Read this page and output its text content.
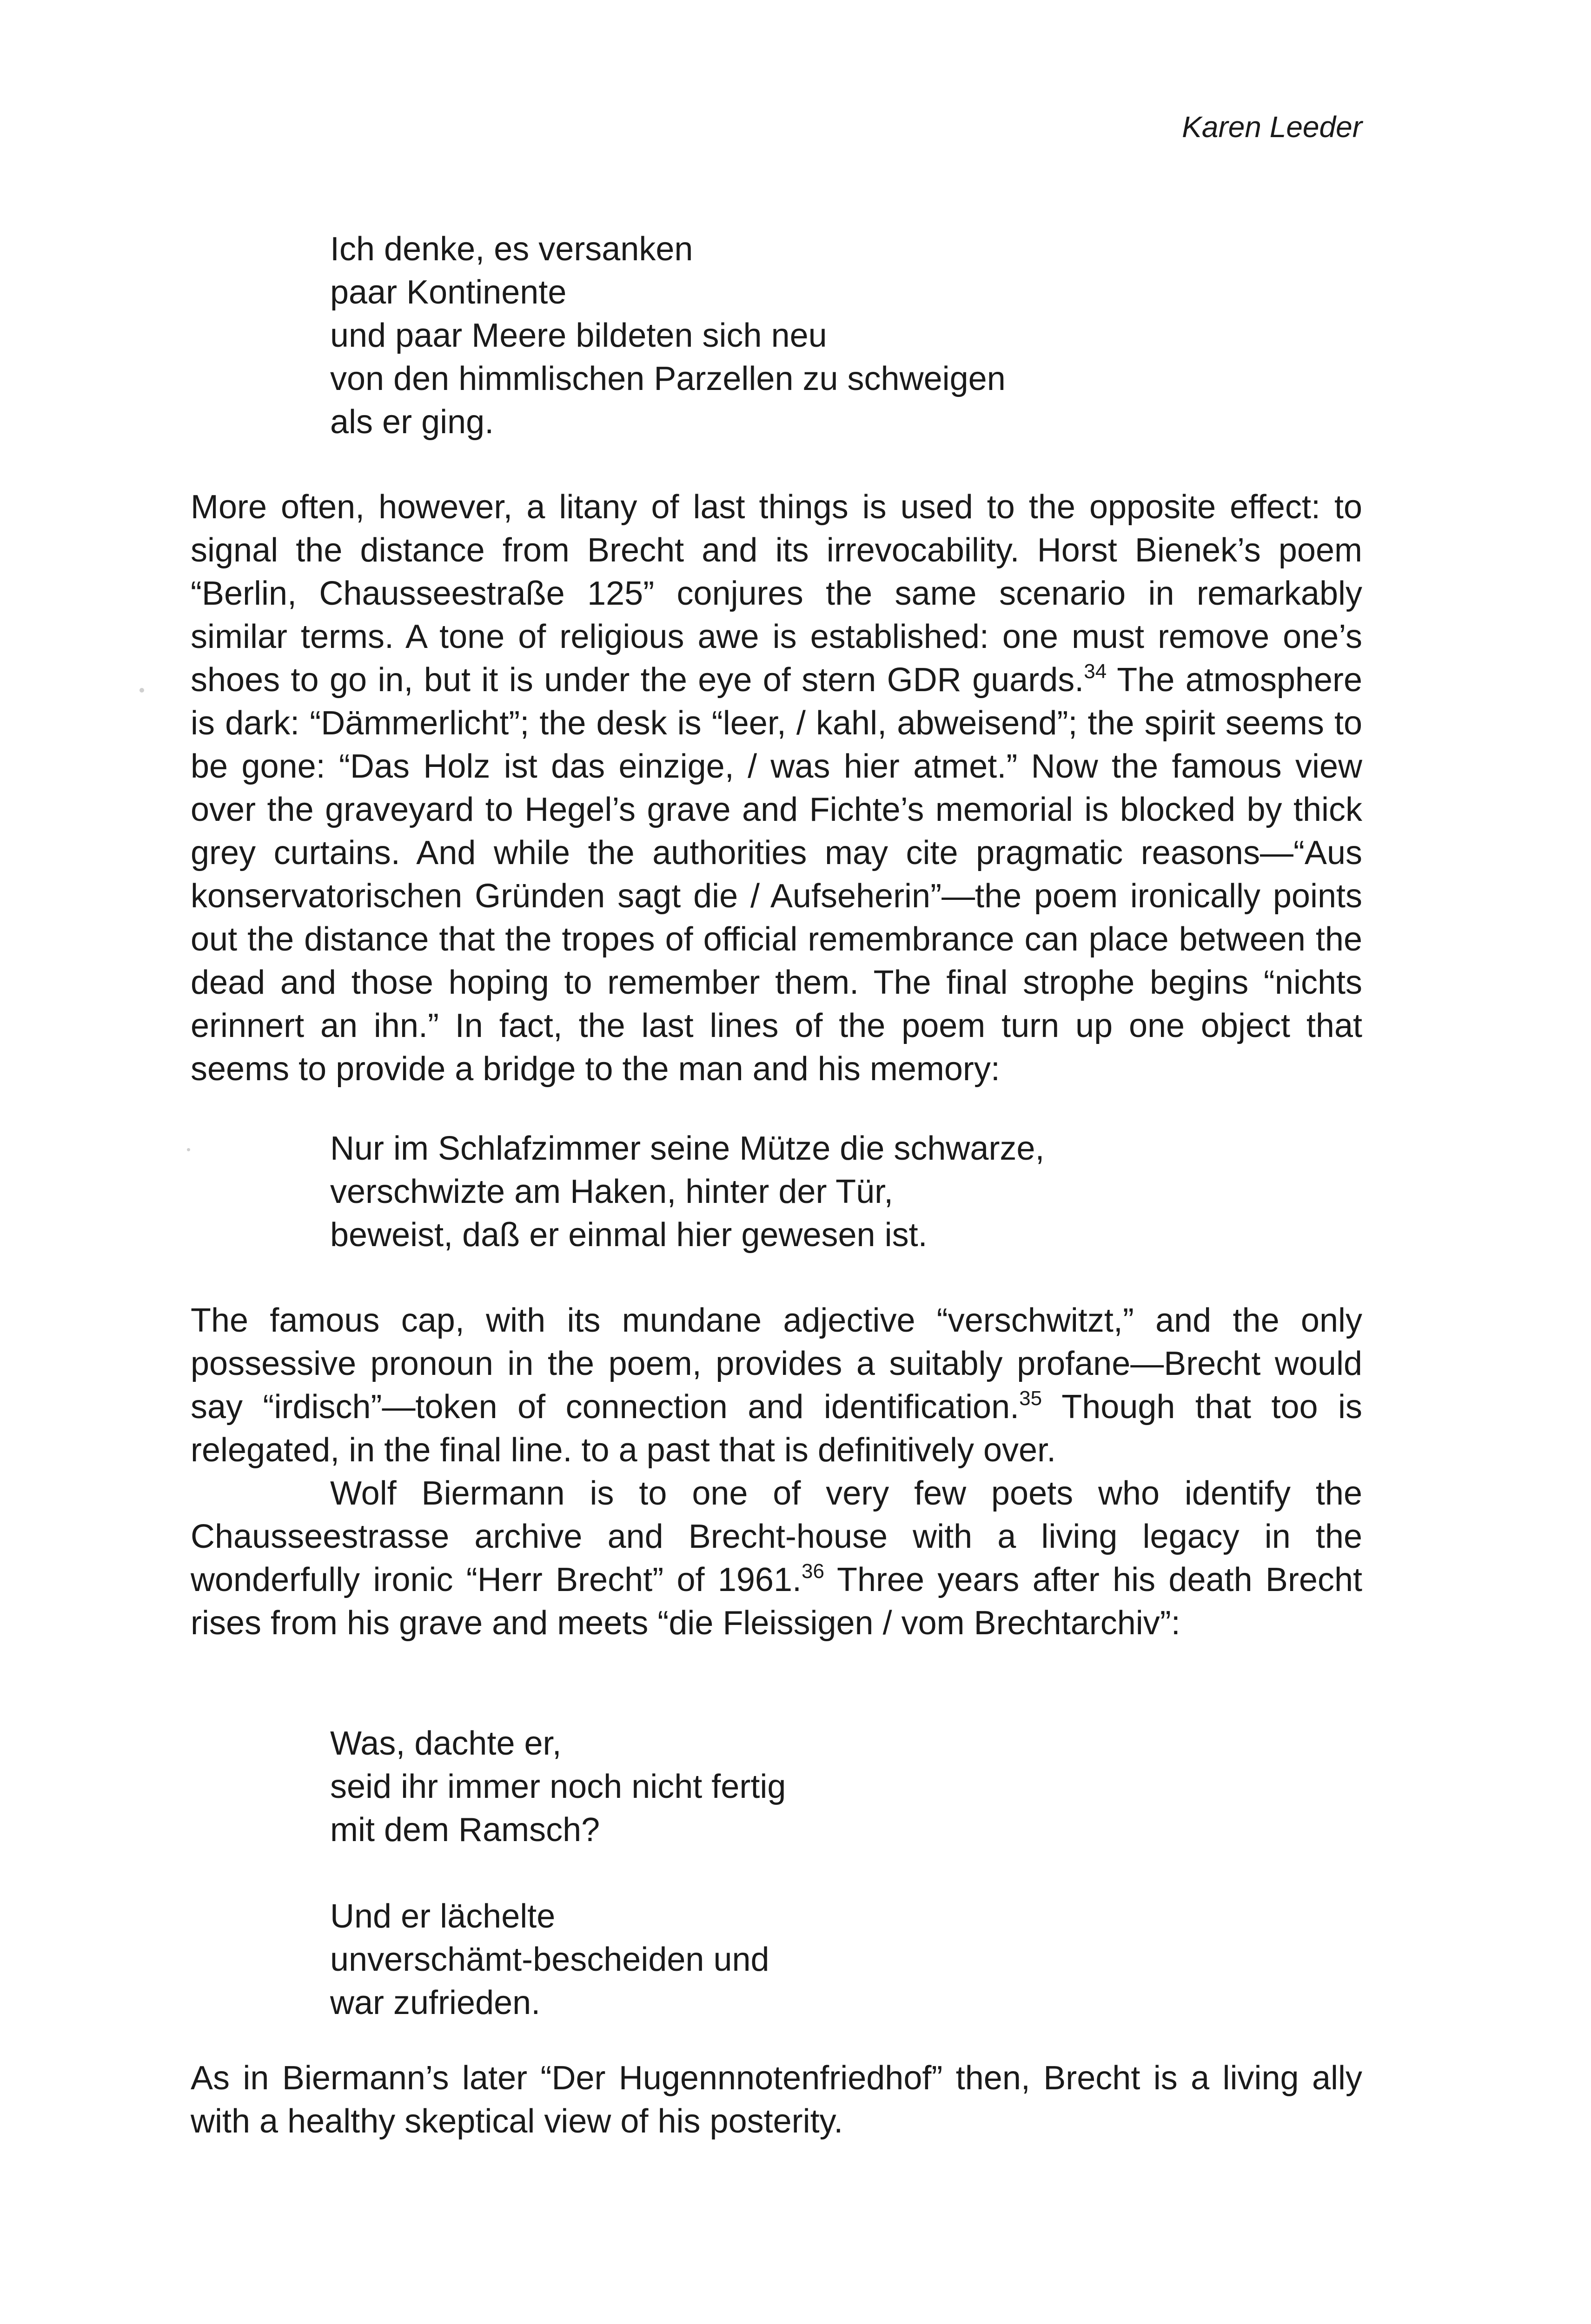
Karen Leeder
Ich denke, es versanken
paar Kontinente
und paar Meere bildeten sich neu
von den himmlischen Parzellen zu schweigen
als er ging.

More often, however, a litany of last things is used to the opposite effect: to signal the distance from Brecht and its irrevocability. Horst Bienek’s poem “Berlin, Chausseestraße 125” conjures the same scenario in remarkably similar terms. A tone of religious awe is established: one must remove one’s shoes to go in, but it is under the eye of stern GDR guards.$^{34}$ The atmosphere is dark: “Dämmerlicht”; the desk is “leer, / kahl, abweisend”; the spirit seems to be gone: “Das Holz ist das einzige, / was hier atmet.” Now the famous view over the graveyard to Hegel’s grave and Fichte’s memorial is blocked by thick grey curtains. And while the authorities may cite pragmatic reasons—“Aus konservatorischen Gründen sagt die / Aufseherin”—the poem ironically points out the distance that the tropes of official remembrance can place between the dead and those hoping to remember them. The final strophe begins “nichts erinnert an ihn.” In fact, the last lines of the poem turn up one object that seems to provide a bridge to the man and his memory:

Nur im Schlafzimmer seine Mütze die schwarze,
verschwizte am Haken, hinter der Tür,
beweist, daß er einmal hier gewesen ist.

The famous cap, with its mundane adjective “verschwitzt,” and the only possessive pronoun in the poem, provides a suitably profane—Brecht would say “irdisch”—token of connection and identification.$^{35}$ Though that too is relegated, in the final line. to a past that is definitively over.

Wolf Biermann is to one of very few poets who identify the Chausseestrasse archive and Brecht-house with a living legacy in the wonderfully ironic “Herr Brecht” of 1961.36 Three years after his death Brecht rises from his grave and meets “die Fleissigen / vom Brechtarchiv”:

Was, dachte er,
seid ihr immer noch nicht fertig
mit dem Ramsch?
Und er lächelte
unverschämt-bescheiden und
war zufrieden.

As in Biermann’s later “Der Hugennnotenfriedhof” then, Brecht is a living ally with a healthy skeptical view of his posterity.
